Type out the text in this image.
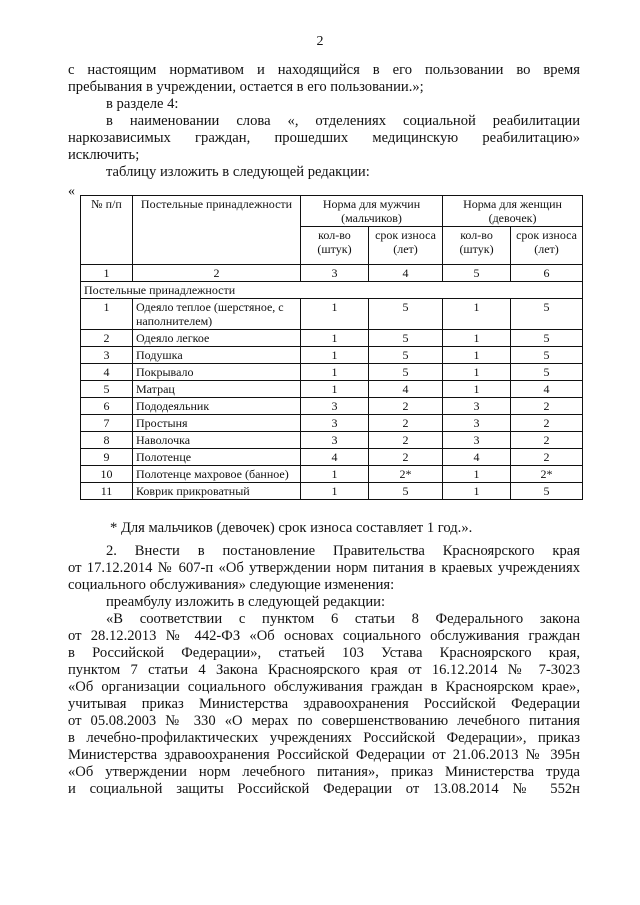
2

с настоящим нормативом и находящийся в его пользовании во время

пребывания в учреждении, остается в его пользовании.»;

в разделе 4:

в наименовании слова «, отделениях социальной реабилитации

наркозависимых граждан, прошедших медицинскую реабилитацию»

исключить;

таблицу изложить в следующей редакции:

«
№ п/п	Постельные принадлежности	Норма для мужчин (мальчиков)		Норма для женщин (девочек)	
		кол-во (штук)	срок износа (лет)	кол-во (штук)	срок износа (лет)
1	2	3	4	5	6
Постельные принадлежности					
1	Одеяло теплое (шерстяное, с наполнителем)	1	5	1	5
2	Одеяло легкое	1	5	1	5
3	Подушка	1	5	1	5
4	Покрывало	1	5	1	5
5	Матрац	1	4	1	4
6	Пододеяльник	3	2	3	2
7	Простыня	3	2	3	2
8	Наволочка	3	2	3	2
9	Полотенце	4	2	4	2
10	Полотенце махровое (банное)	1	2*	1	2*
11	Коврик прикроватный	1	5	1	5
* Для мальчиков (девочек) срок износа составляет 1 год.».

2. Внести в постановление Правительства Красноярского края

от 17.12.2014 № 607-п «Об утверждении норм питания в краевых учреждениях

социального обслуживания» следующие изменения:

преамбулу изложить в следующей редакции:

«В соответствии с пунктом 6 статьи 8 Федерального закона

от 28.12.2013 № 442-ФЗ «Об основах социального обслуживания граждан

в Российской Федерации», статьей 103 Устава Красноярского края,

пунктом 7 статьи 4 Закона Красноярского края от 16.12.2014 № 7-3023

«Об организации социального обслуживания граждан в Красноярском крае»,

учитывая приказ Министерства здравоохранения Российской Федерации

от 05.08.2003 № 330 «О мерах по совершенствованию лечебного питания

в лечебно-профилактических учреждениях Российской Федерации», приказ

Министерства здравоохранения Российской Федерации от 21.06.2013 № 395н

«Об утверждении норм лечебного питания», приказ Министерства труда

и социальной защиты Российской Федерации от 13.08.2014 № 552н
